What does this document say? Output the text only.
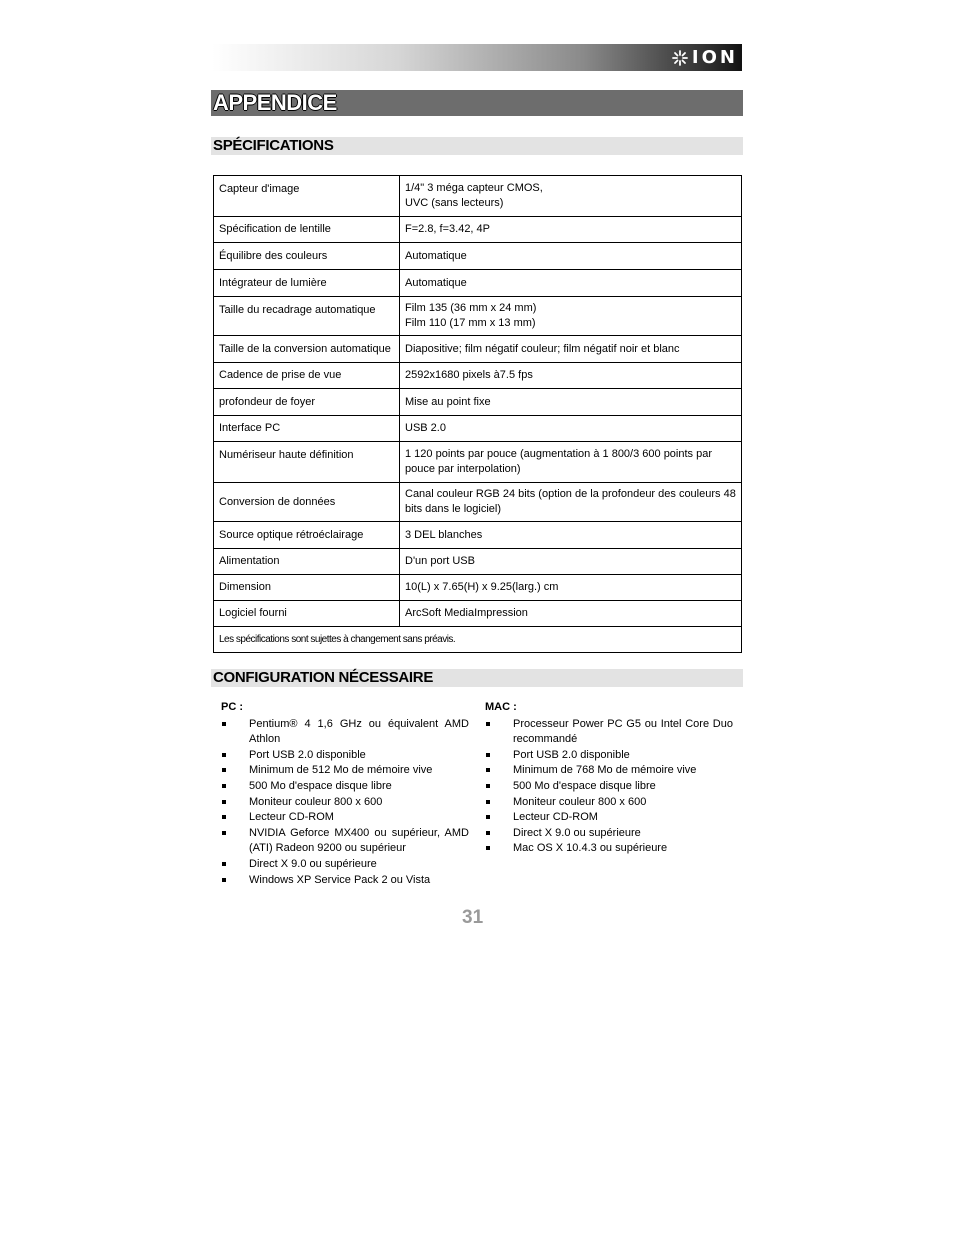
ION
APPENDICE
SPÉCIFICATIONS
Capteur d'image	1/4" 3 méga capteur CMOS,
UVC (sans lecteurs)

Spécification de lentille	F=2.8, f=3.42, 4P

Équilibre des couleurs	Automatique

Intégrateur de lumière	Automatique

Taille du recadrage automatique	Film 135 (36 mm x 24 mm)
Film 110 (17 mm x 13 mm)

Taille de la conversion automatique	Diapositive; film négatif couleur; film négatif noir et blanc

Cadence de prise de vue	2592x1680 pixels à7.5 fps

profondeur de foyer	Mise au point fixe

Interface PC	USB 2.0

Numériseur haute définition	1 120 points par pouce (augmentation à 1 800/3 600 points par
pouce par interpolation)

Conversion de données	Canal couleur RGB 24 bits (option de la profondeur des couleurs 48
bits dans le logiciel)

Source optique rétroéclairage	3 DEL blanches

Alimentation	D'un port USB

Dimension	10(L) x 7.65(H) x 9.25(larg.) cm

Logiciel fourni	ArcSoft MediaImpression

Les spécifications sont sujettes à changement sans préavis.	
CONFIGURATION NÉCESSAIRE
PC :
Pentium® 4 1,6 GHz ou équivalent AMD Athlon
Port USB 2.0 disponible
Minimum de 512 Mo de mémoire vive
500 Mo d'espace disque libre
Moniteur couleur 800 x 600
Lecteur CD-ROM
NVIDIA Geforce MX400 ou supérieur, AMD (ATI) Radeon 9200 ou supérieur
Direct X 9.0 ou supérieure
Windows XP Service Pack 2 ou Vista
MAC :
Processeur Power PC G5 ou Intel Core Duo recommandé
Port USB 2.0 disponible
Minimum de 768 Mo de mémoire vive
500 Mo d'espace disque libre
Moniteur couleur 800 x 600
Lecteur CD-ROM
Direct X 9.0 ou supérieure
Mac OS X 10.4.3 ou supérieure
31
